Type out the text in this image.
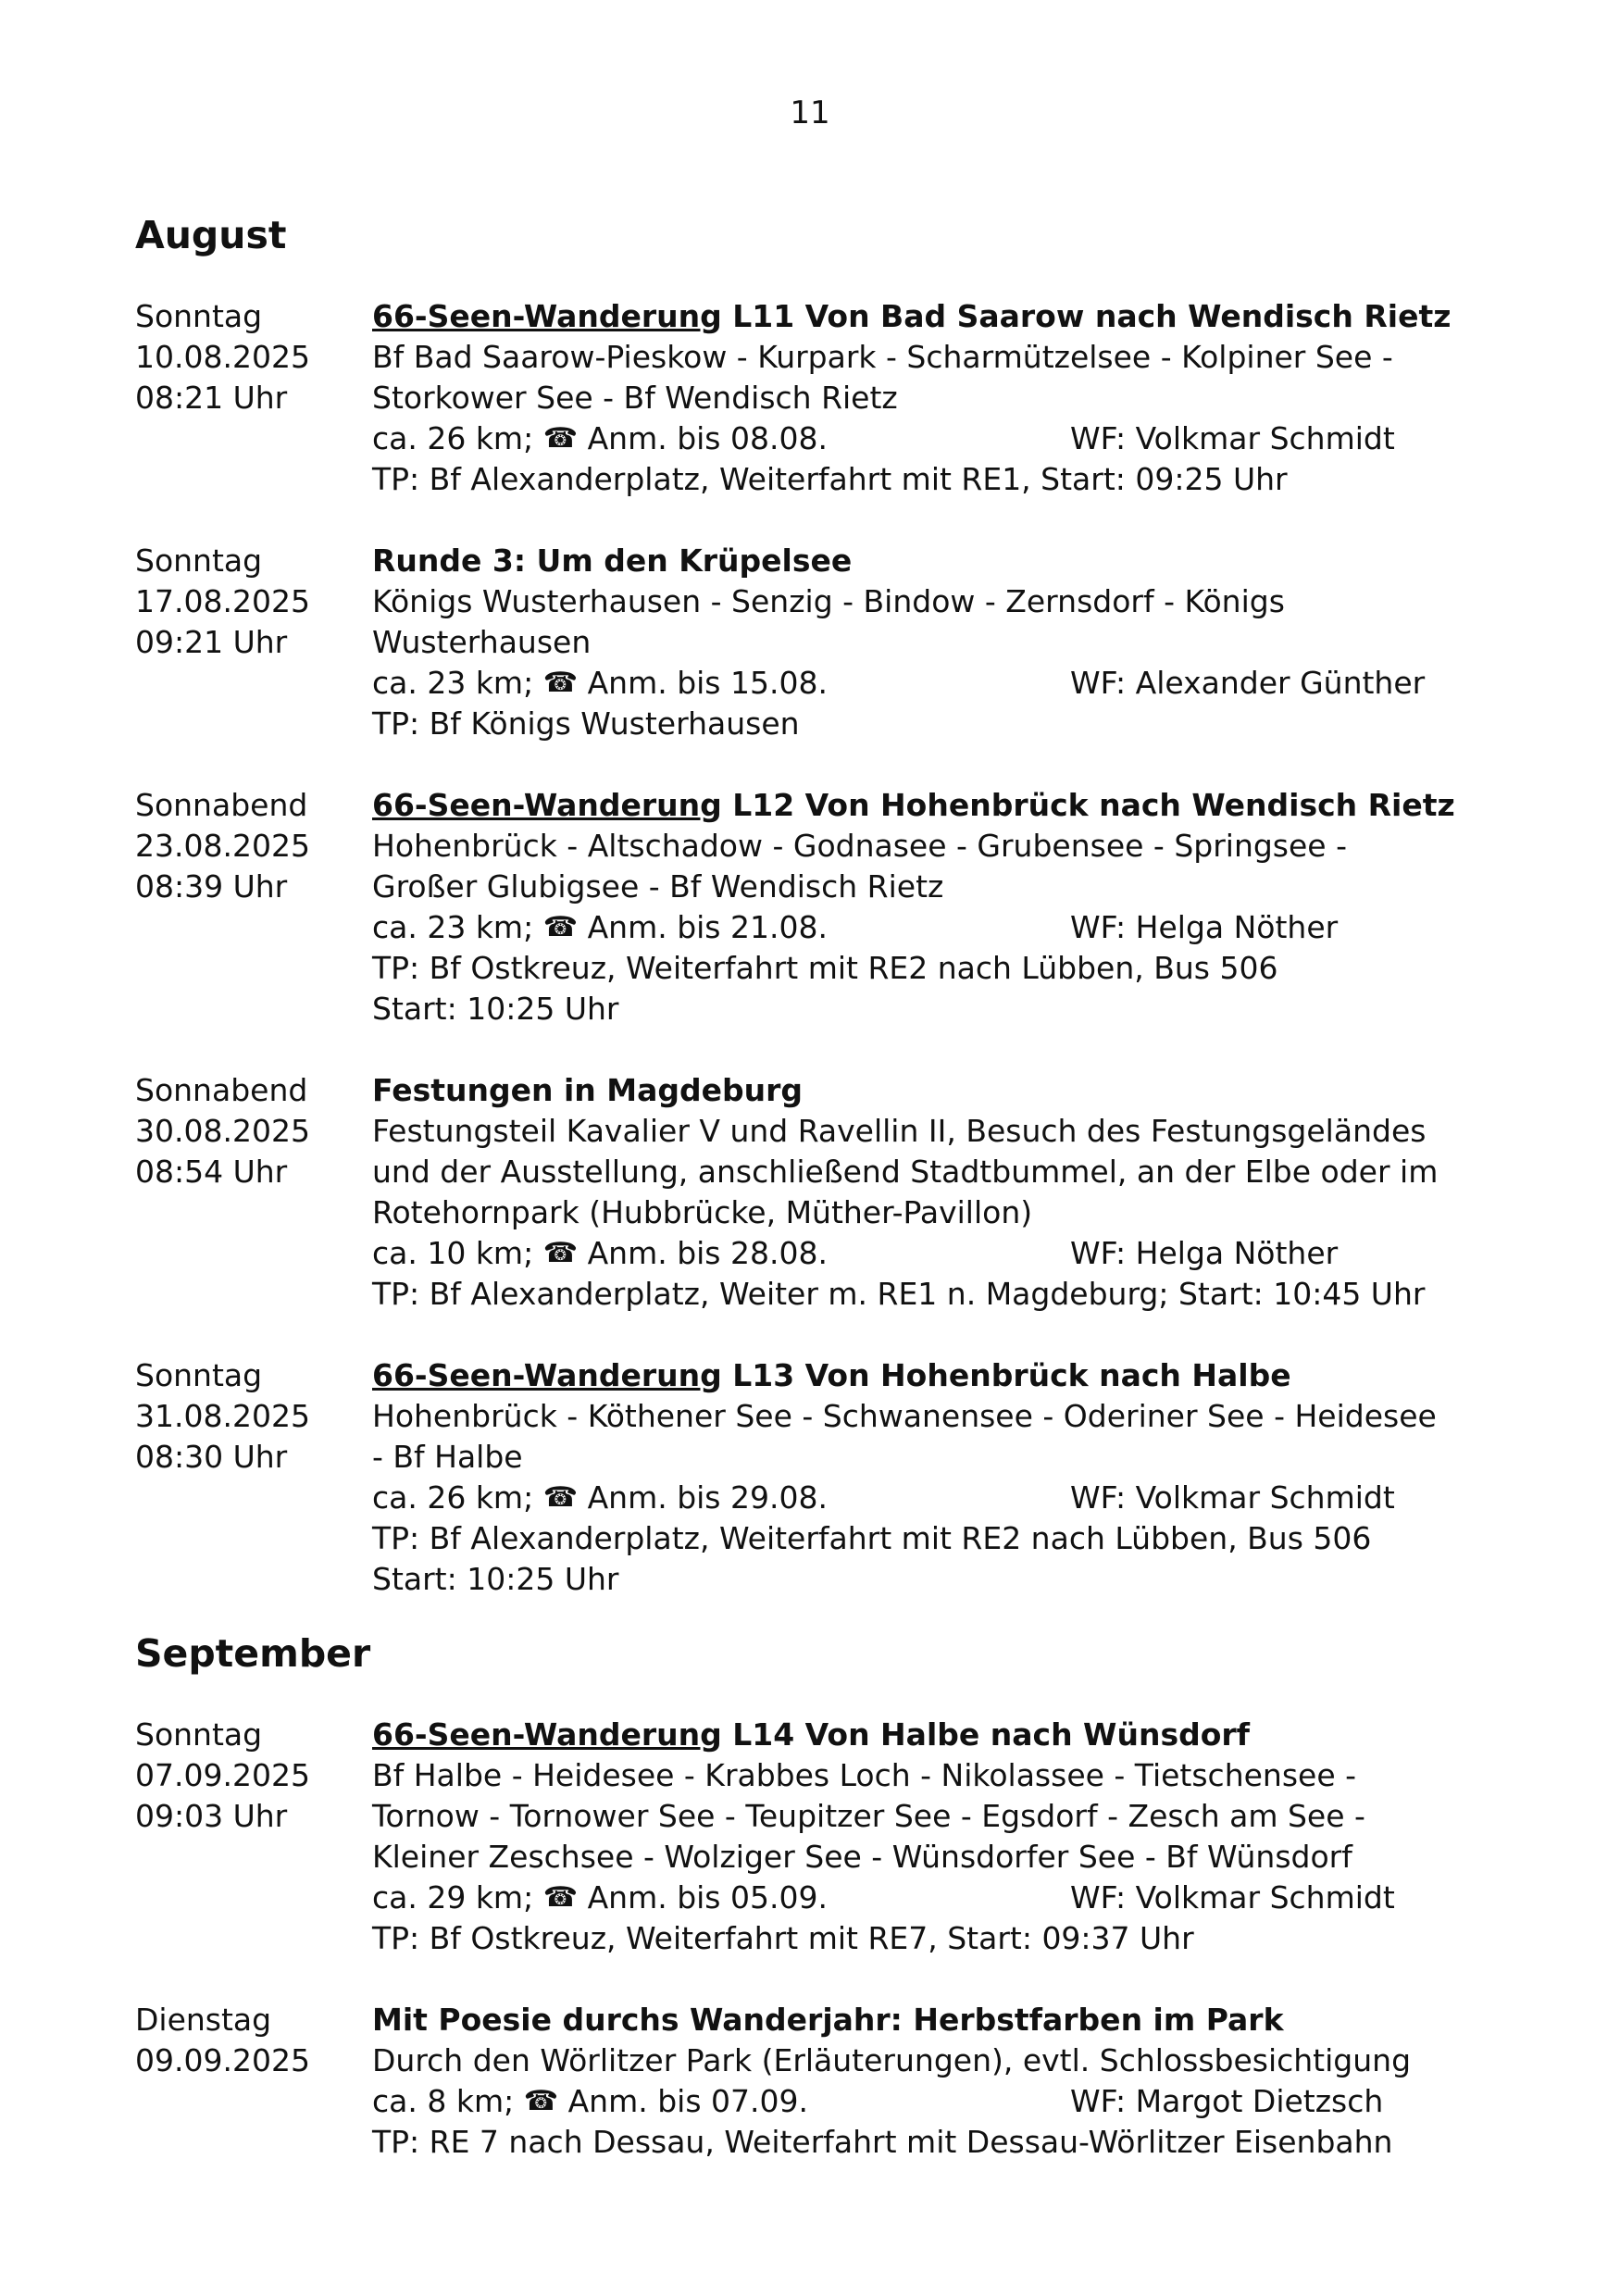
11
August
Sonntag
10.08.2025
08:21 Uhr
66-Seen-Wanderung L11 Von Bad Saarow nach Wendisch Rietz
Bf Bad Saarow-Pieskow - Kurpark - Scharmützelsee - Kolpiner See -
Storkower See - Bf Wendisch Rietz
ca. 26 km; ☎ Anm. bis 08.08.	WF: Volkmar Schmidt
TP: Bf Alexanderplatz, Weiterfahrt mit RE1, Start: 09:25 Uhr
Sonntag
17.08.2025
09:21 Uhr
Runde 3: Um den Krüpelsee
Königs Wusterhausen - Senzig - Bindow - Zernsdorf - Königs
Wusterhausen
ca. 23 km; ☎ Anm. bis 15.08.	WF: Alexander Günther
TP: Bf Königs Wusterhausen
Sonnabend
23.08.2025
08:39 Uhr
66-Seen-Wanderung L12 Von Hohenbrück nach Wendisch Rietz
Hohenbrück - Altschadow - Godnasee - Grubensee - Springsee -
Großer Glubigsee - Bf Wendisch Rietz
ca. 23 km; ☎ Anm. bis 21.08.	WF: Helga Nöther
TP: Bf Ostkreuz, Weiterfahrt mit RE2 nach Lübben, Bus 506
Start: 10:25 Uhr
Sonnabend
30.08.2025
08:54 Uhr
Festungen in Magdeburg
Festungsteil Kavalier V und Ravellin II, Besuch des Festungsgeländes
und der Ausstellung, anschließend Stadtbummel, an der Elbe oder im
Rotehornpark (Hubbrücke, Müther-Pavillon)
ca. 10 km; ☎ Anm. bis 28.08.	WF: Helga Nöther
TP: Bf Alexanderplatz, Weiter m. RE1 n. Magdeburg; Start: 10:45 Uhr
Sonntag
31.08.2025
08:30 Uhr
66-Seen-Wanderung L13 Von Hohenbrück nach Halbe
Hohenbrück - Köthener See - Schwanensee - Oderiner See - Heidesee
- Bf Halbe
ca. 26 km; ☎ Anm. bis 29.08.	WF: Volkmar Schmidt
TP: Bf Alexanderplatz, Weiterfahrt mit RE2 nach Lübben, Bus 506
Start: 10:25 Uhr
September
Sonntag
07.09.2025
09:03 Uhr
66-Seen-Wanderung L14 Von Halbe nach Wünsdorf
Bf Halbe - Heidesee - Krabbes Loch - Nikolassee - Tietschensee -
Tornow - Tornower See - Teupitzer See - Egsdorf - Zesch am See -
Kleiner Zeschsee - Wolziger See - Wünsdorfer See - Bf Wünsdorf
ca. 29 km; ☎ Anm. bis 05.09.	WF: Volkmar Schmidt
TP: Bf Ostkreuz, Weiterfahrt mit RE7, Start: 09:37 Uhr
Dienstag
09.09.2025
Mit Poesie durchs Wanderjahr: Herbstfarben im Park
Durch den Wörlitzer Park (Erläuterungen), evtl. Schlossbesichtigung
ca. 8 km; ☎ Anm. bis 07.09.	WF: Margot Dietzsch
TP: RE 7 nach Dessau, Weiterfahrt mit Dessau-Wörlitzer Eisenbahn
